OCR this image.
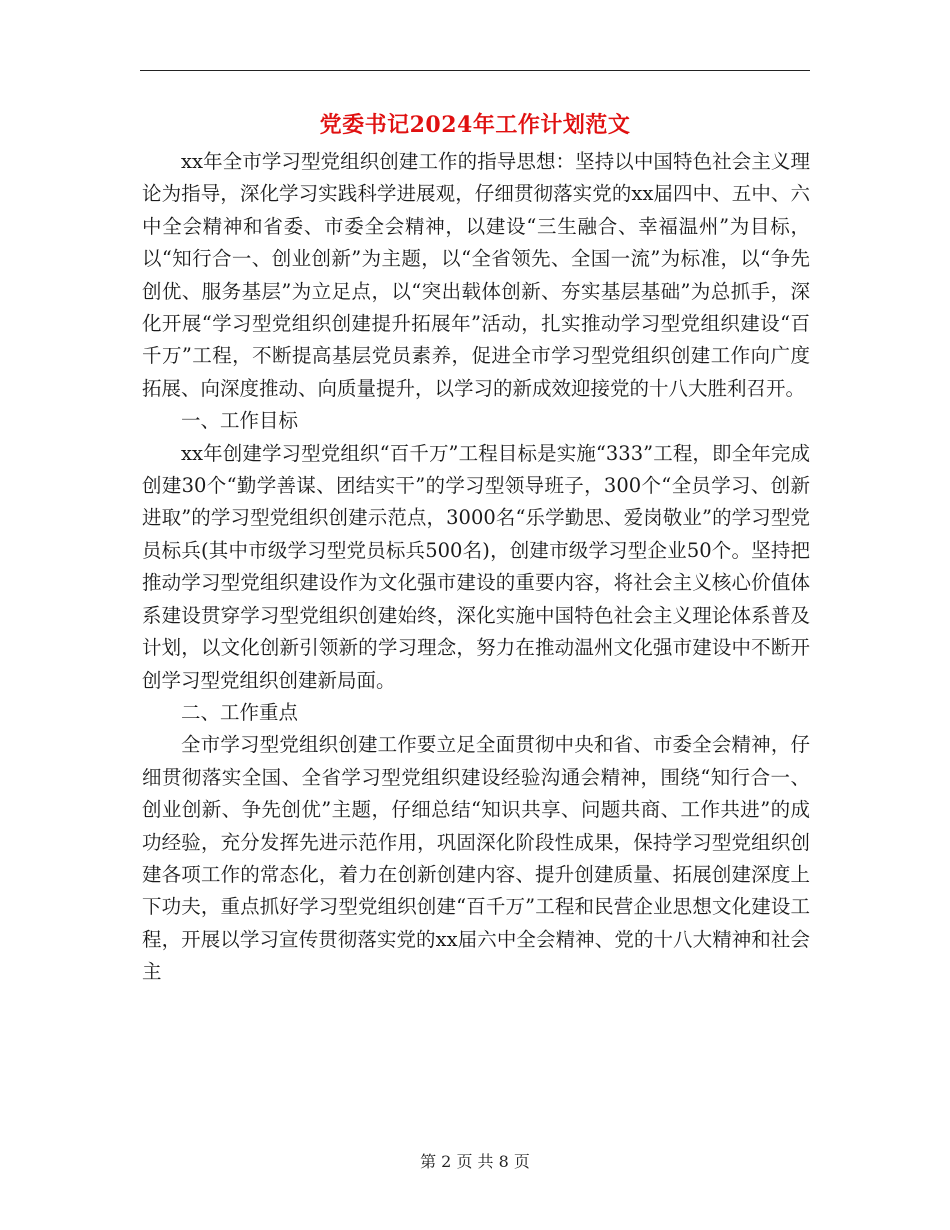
党委书记2024年工作计划范文

xx年全市学习型党组织创建工作的指导思想：坚持以中国特色社会主义理论为指导，深化学习实践科学进展观，仔细贯彻落实党的xx届四中、五中、六中全会精神和省委、市委全会精神，以建设“三生融合、幸福温州”为目标，以“知行合一、创业创新”为主题，以“全省领先、全国一流”为标准，以“争先创优、服务基层”为立足点，以“突出载体创新、夯实基层基础”为总抓手，深化开展“学习型党组织创建提升拓展年”活动，扎实推动学习型党组织建设“百千万”工程，不断提高基层党员素养，促进全市学习型党组织创建工作向广度拓展、向深度推动、向质量提升，以学习的新成效迎接党的十八大胜利召开。

一、工作目标

xx年创建学习型党组织“百千万”工程目标是实施“333”工程，即全年完成创建30个“勤学善谋、团结实干”的学习型领导班子，300个“全员学习、创新进取”的学习型党组织创建示范点，3000名“乐学勤思、爱岗敬业”的学习型党员标兵(其中市级学习型党员标兵500名)，创建市级学习型企业50个。坚持把推动学习型党组织建设作为文化强市建设的重要内容，将社会主义核心价值体系建设贯穿学习型党组织创建始终，深化实施中国特色社会主义理论体系普及计划，以文化创新引领新的学习理念，努力在推动温州文化强市建设中不断开创学习型党组织创建新局面。

二、工作重点

全市学习型党组织创建工作要立足全面贯彻中央和省、市委全会精神，仔细贯彻落实全国、全省学习型党组织建设经验沟通会精神，围绕“知行合一、创业创新、争先创优”主题，仔细总结“知识共享、问题共商、工作共进”的成功经验，充分发挥先进示范作用，巩固深化阶段性成果，保持学习型党组织创建各项工作的常态化，着力在创新创建内容、提升创建质量、拓展创建深度上下功夫，重点抓好学习型党组织创建“百千万”工程和民营企业思想文化建设工程，开展以学习宣传贯彻落实党的xx届六中全会精神、党的十八大精神和社会主

第 2 页 共 8 页
